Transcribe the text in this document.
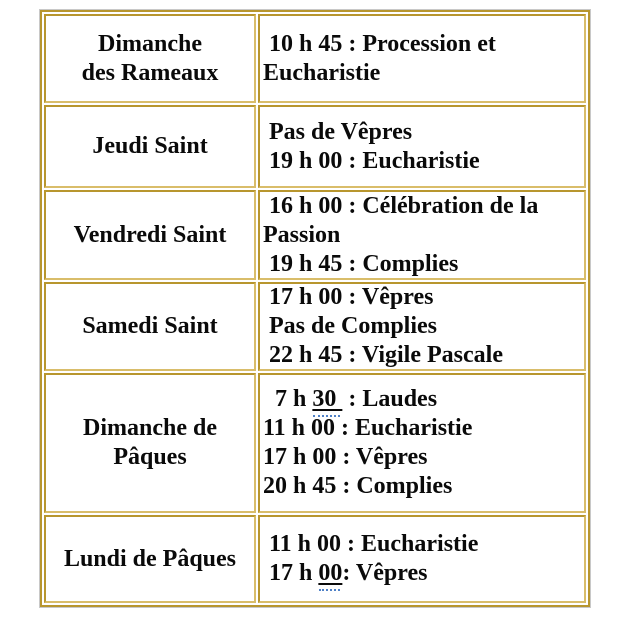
Dimanche
des Rameaux
10 h 45 : Procession et
Eucharistie
Jeudi Saint
Pas de Vêpres
19 h 00 : Eucharistie
Vendredi Saint
16 h 00 : Célébration de la
Passion
19 h 45 : Complies
Samedi Saint
17 h 00 : Vêpres
Pas de Complies
22 h 45 : Vigile Pascale
Dimanche de
Pâques
7 h 30  : Laudes
11 h 00 : Eucharistie
17 h 00 : Vêpres
20 h 45 : Complies
Lundi de Pâques
11 h 00 : Eucharistie
17 h 00: Vêpres
